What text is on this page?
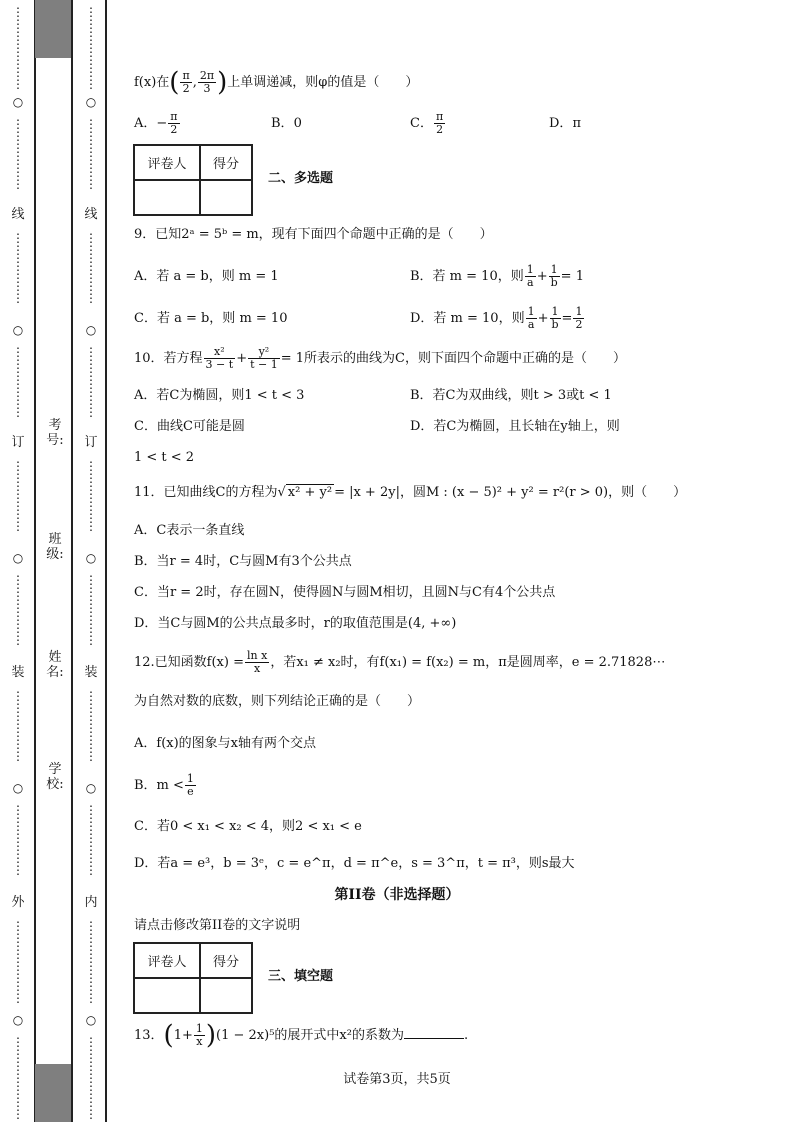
⋮
⋮
⋮
⋮
⋮
⋮
⋮
○
⋮
⋮
⋮
⋮
⋮
⋮
线
⋮
⋮
⋮
⋮
⋮
⋮
○
⋮
⋮
⋮
⋮
⋮
⋮
订
⋮
⋮
⋮
⋮
⋮
⋮
○
⋮
⋮
⋮
⋮
⋮
⋮
装
⋮
⋮
⋮
⋮
⋮
⋮
○
⋮
⋮
⋮
⋮
⋮
⋮
外
⋮
⋮
⋮
⋮
⋮
⋮
⋮
○
⋮
⋮
⋮
⋮
⋮
⋮
⋮
⋮
⋮
⋮
⋮
⋮
⋮
⋮
○
⋮
⋮
⋮
⋮
⋮
⋮
线
⋮
⋮
⋮
⋮
⋮
⋮
○
⋮
⋮
⋮
⋮
⋮
⋮
订
⋮
⋮
⋮
⋮
⋮
⋮
○
⋮
⋮
⋮
⋮
⋮
⋮
装
⋮
⋮
⋮
⋮
⋮
⋮
○
⋮
⋮
⋮
⋮
⋮
⋮
内
⋮
⋮
⋮
⋮
⋮
⋮
⋮
○
⋮
⋮
⋮
⋮
⋮
⋮
⋮
考号:
班级:
姓名:
学校:
f(x)在( $\frac{\pi}{2}$ , $\frac{2\pi}{3}$ )上单调递减，则φ的值是（　　）
A．− $\frac{\pi}{2}$	B．0	C． $\frac{\pi}{2}$	D．π
评卷人	得分

二、多选题
9．已知2ᵃ = 5ᵇ = m，现有下面四个命题中正确的是（　　）
A．若 a = b，则 m = 1	B．若 m = 10，则 $\frac{1}{a} + \frac{1}{b} = 1$
C．若 a = b，则 m = 10	D．若 m = 10，则 $\frac{1}{a} + \frac{1}{b} = \frac{1}{2}$
10．若方程 $\frac{\text{x²}}{3 - t} + \frac{\text{y²}}{t - 1} = 1$所表示的曲线为C，则下面四个命题中正确的是（　　）
A．若C为椭圆，则1 < t < 3	B．若C为双曲线，则t > 3或t < 1
C．曲线C可能是圆	D．若C为椭圆，且长轴在y轴上，则
1 < t < 2
11．已知曲线C的方程为√ x² + y² = |x + 2y|，圆M : (x − 5)² + y² = r²(r > 0)，则（　　）
A．C表示一条直线
B．当r = 4时，C与圆M有3个公共点
C．当r = 2时，存在圆N，使得圆N与圆M相切，且圆N与C有4个公共点
D．当C与圆M的公共点最多时，r的取值范围是(4, +∞)
12.已知函数$f(x) = \frac{\text{ln x}}{x}$ ，若x₁ ≠ x₂时，有f(x₁) = f(x₂) = m，π是圆周率，e = 2.71828⋯
为自然对数的底数，则下列结论正确的是（　　）
A．f(x)的图象与x轴有两个交点
B．$m < \frac{1}{e}$
C．若0 < x₁ < x₂ < 4，则2 < x₁ < e
D．若a = e³，b = 3ᵉ，c = e^π，d = π^e，s = 3^π，t = π³，则s最大
第II卷（非选择题）
请点击修改第II卷的文字说明
评卷人	得分

三、填空题
13．$(1+ \frac{1}{x} )(1 - 2x)^5$的展开式中x²的系数为	.
试卷第3页，共5页
